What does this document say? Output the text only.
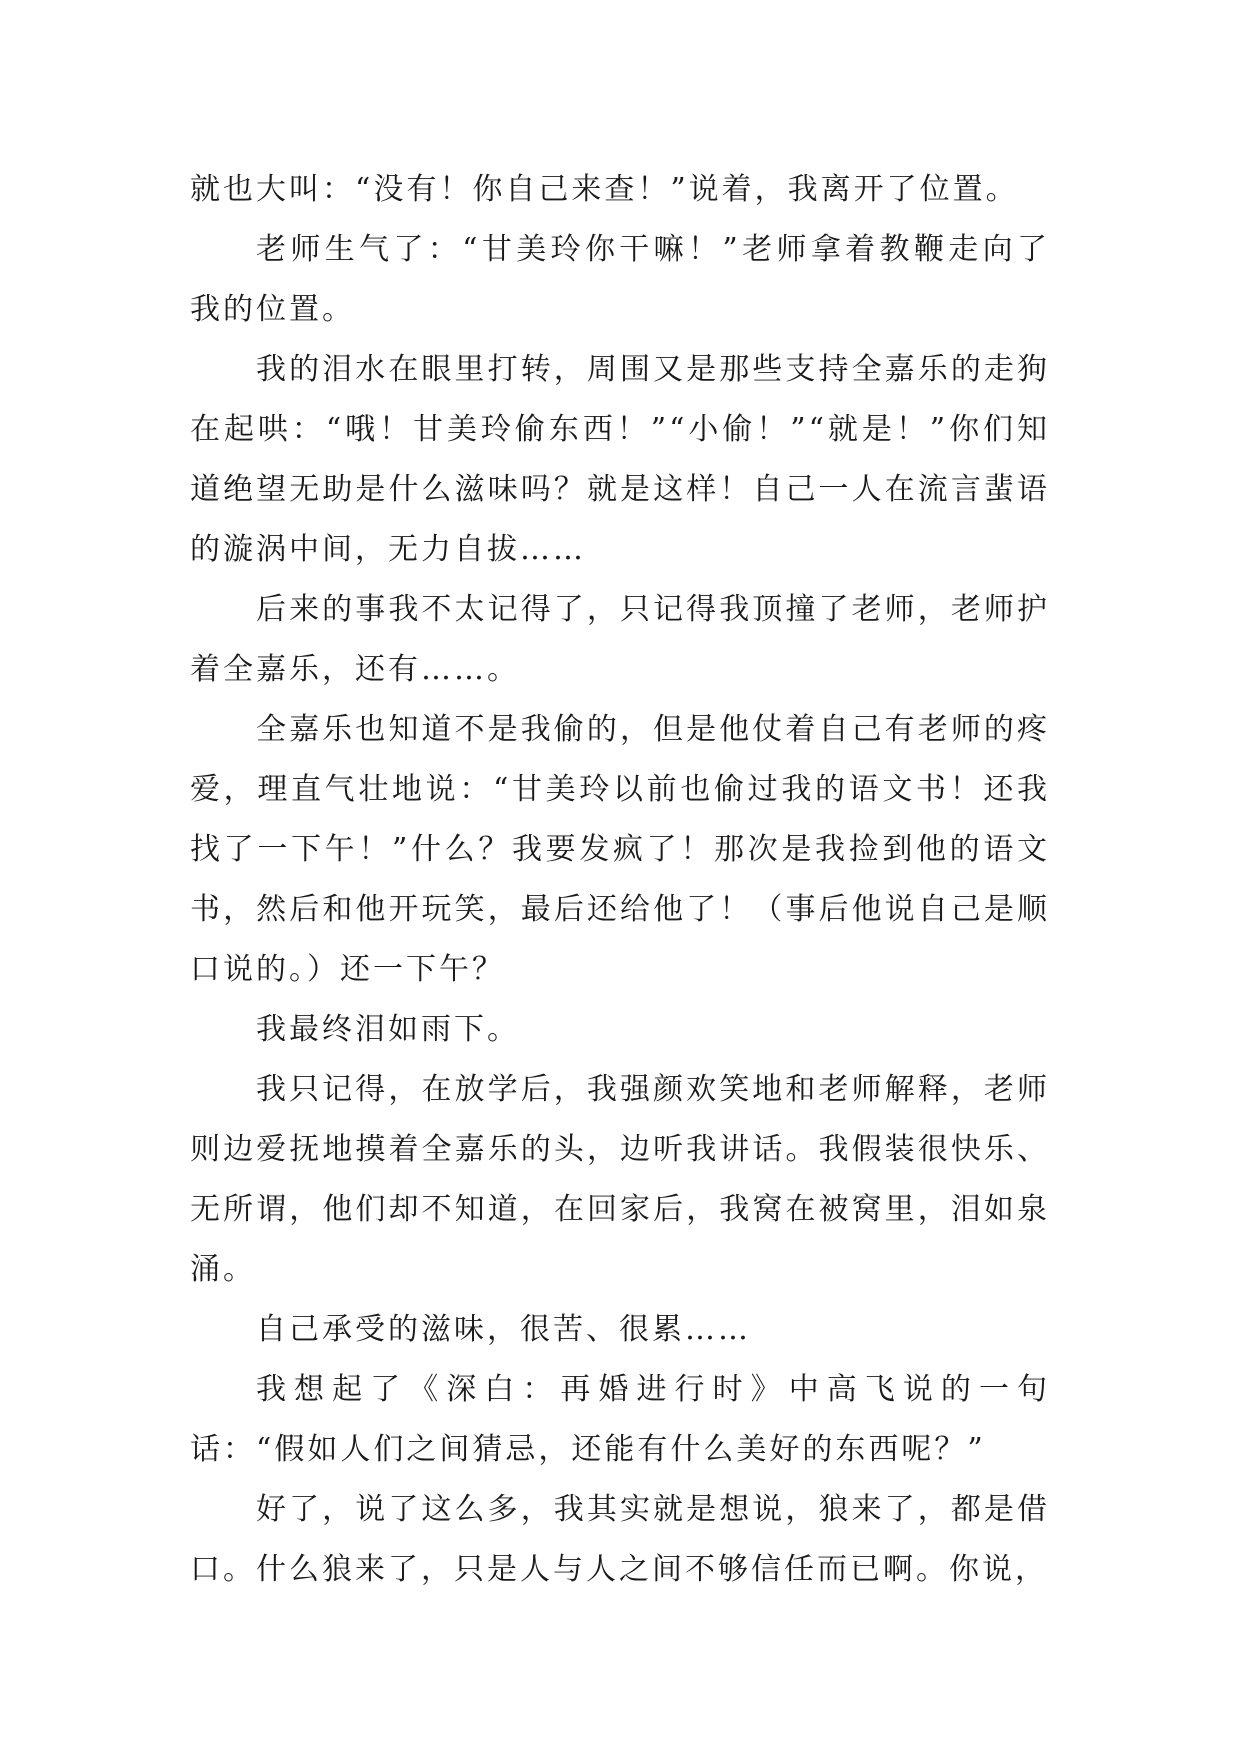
就也大叫：“没有！你自己来查！”说着，我离开了位置。

老师生气了：“甘美玲你干嘛！”老师拿着教鞭走向了我的位置。

我的泪水在眼里打转，周围又是那些支持全嘉乐的走狗在起哄：“哦！甘美玲偷东西！”“小偷！”“就是！”你们知道绝望无助是什么滋味吗？就是这样！自己一人在流言蜚语的漩涡中间，无力自拔……

后来的事我不太记得了，只记得我顶撞了老师，老师护着全嘉乐，还有……。

全嘉乐也知道不是我偷的，但是他仗着自己有老师的疼爱，理直气壮地说：“甘美玲以前也偷过我的语文书！还我找了一下午！”什么？我要发疯了！那次是我捡到他的语文书，然后和他开玩笑，最后还给他了！（事后他说自己是顺口说的。）还一下午？

我最终泪如雨下。

我只记得，在放学后，我强颜欢笑地和老师解释，老师则边爱抚地摸着全嘉乐的头，边听我讲话。我假装很快乐、无所谓，他们却不知道，在回家后，我窝在被窝里，泪如泉涌。

自己承受的滋味，很苦、很累……

我想起了《深白：再婚进行时》中高飞说的一句话：“假如人们之间猜忌，还能有什么美好的东西呢？”

好了，说了这么多，我其实就是想说，狼来了，都是借口。什么狼来了，只是人与人之间不够信任而已啊。你说，
